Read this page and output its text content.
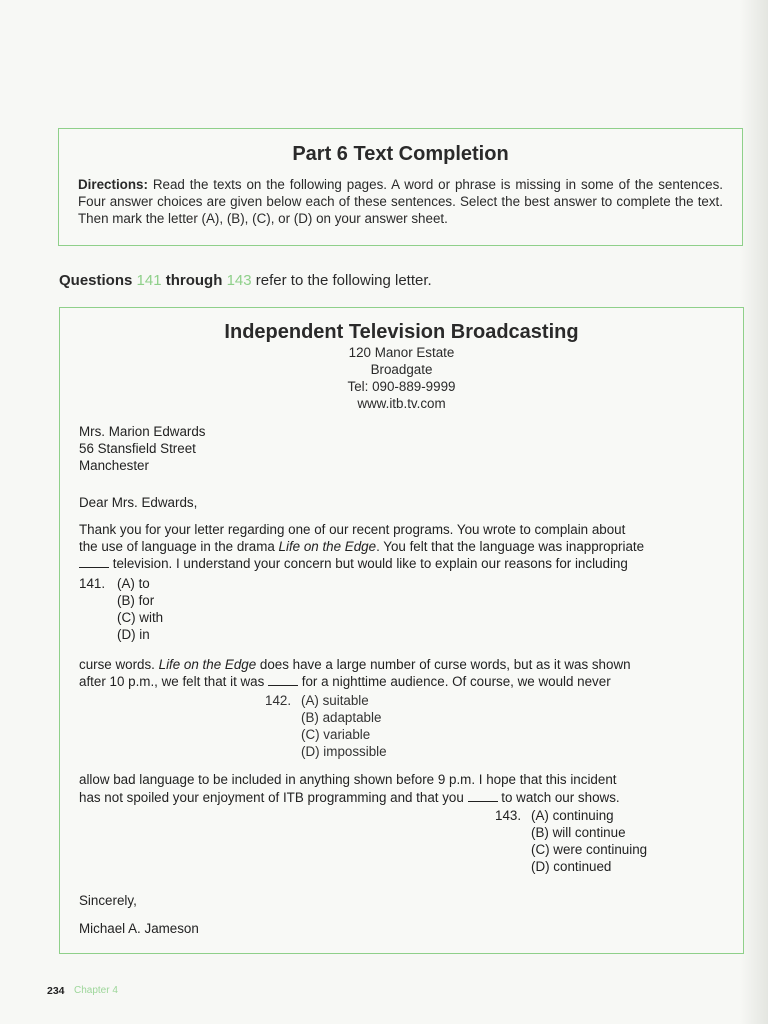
Part 6 Text Completion
Directions: Read the texts on the following pages. A word or phrase is missing in some of the sentences. Four answer choices are given below each of these sentences. Select the best answer to complete the text. Then mark the letter (A), (B), (C), or (D) on your answer sheet.
Questions 141 through 143 refer to the following letter.
Independent Television Broadcasting
120 Manor Estate
Broadgate
Tel: 090-889-9999
www.itb.tv.com
Mrs. Marion Edwards
56 Stansfield Street
Manchester
Dear Mrs. Edwards,
Thank you for your letter regarding one of our recent programs. You wrote to complain about
the use of language in the drama Life on the Edge. You felt that the language was inappropriate
television. I understand your concern but would like to explain our reasons for including
141. (A) to
(B) for
(C) with
(D) in
curse words. Life on the Edge does have a large number of curse words, but as it was shown
after 10 p.m., we felt that it was  for a nighttime audience. Of course, we would never
142. (A) suitable
(B) adaptable
(C) variable
(D) impossible
allow bad language to be included in anything shown before 9 p.m. I hope that this incident
has not spoiled your enjoyment of ITB programming and that you  to watch our shows.
143. (A) continuing
(B) will continue
(C) were continuing
(D) continued
Sincerely,
Michael A. Jameson
234 Chapter 4
